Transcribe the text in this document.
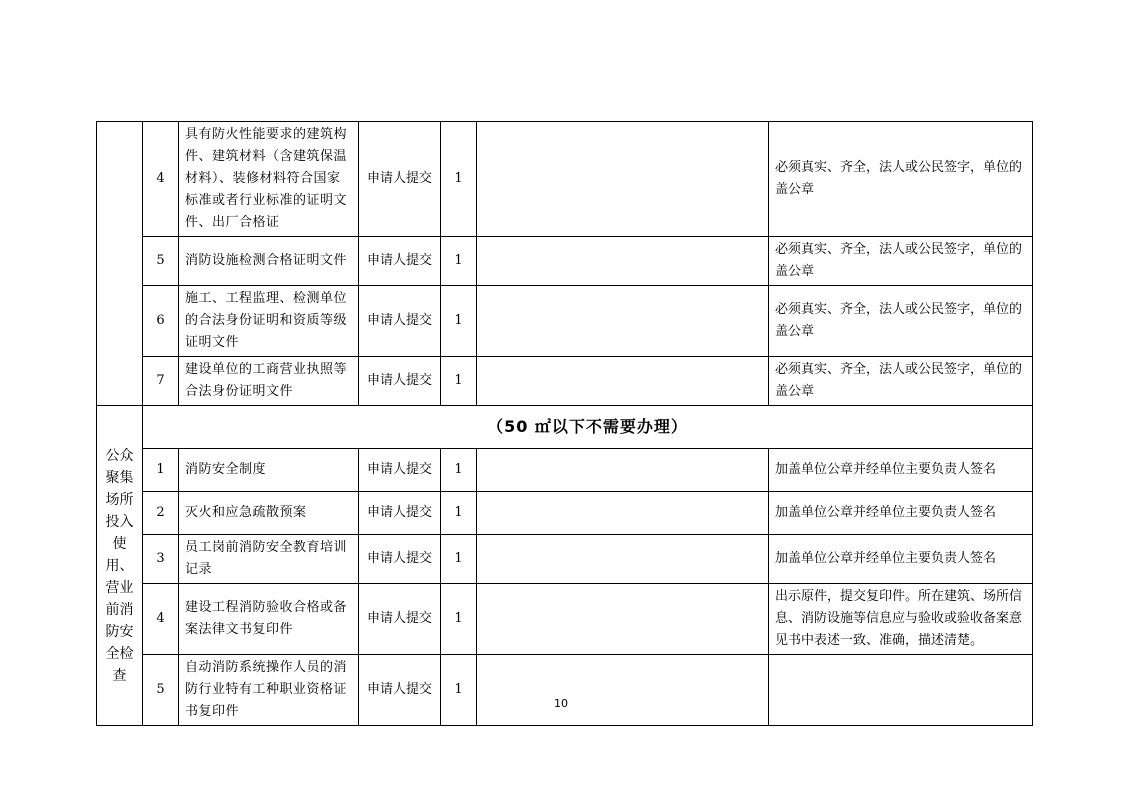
	4	具有防火性能要求的建筑构件、建筑材料（含建筑保温材料）、装修材料符合国家标准或者行业标准的证明文件、出厂合格证	申请人提交	1		必须真实、齐全，法人或公民签字，单位的盖公章
	5	消防设施检测合格证明文件	申请人提交	1		必须真实、齐全，法人或公民签字，单位的盖公章
	6	施工、工程监理、检测单位的合法身份证明和资质等级证明文件	申请人提交	1		必须真实、齐全，法人或公民签字，单位的盖公章
	7	建设单位的工商营业执照等合法身份证明文件	申请人提交	1		必须真实、齐全，法人或公民签字，单位的盖公章
公众聚集场所投入使用、营业前消防安全检查	（50 ㎡以下不需要办理）					
	1	消防安全制度	申请人提交	1		加盖单位公章并经单位主要负责人签名
	2	灭火和应急疏散预案	申请人提交	1		加盖单位公章并经单位主要负责人签名
	3	员工岗前消防安全教育培训记录	申请人提交	1		加盖单位公章并经单位主要负责人签名
	4	建设工程消防验收合格或备案法律文书复印件	申请人提交	1		出示原件，提交复印件。所在建筑、场所信息、消防设施等信息应与验收或验收备案意见书中表述一致、准确，描述清楚。
	5	自动消防系统操作人员的消防行业特有工种职业资格证书复印件	申请人提交	1		
10
